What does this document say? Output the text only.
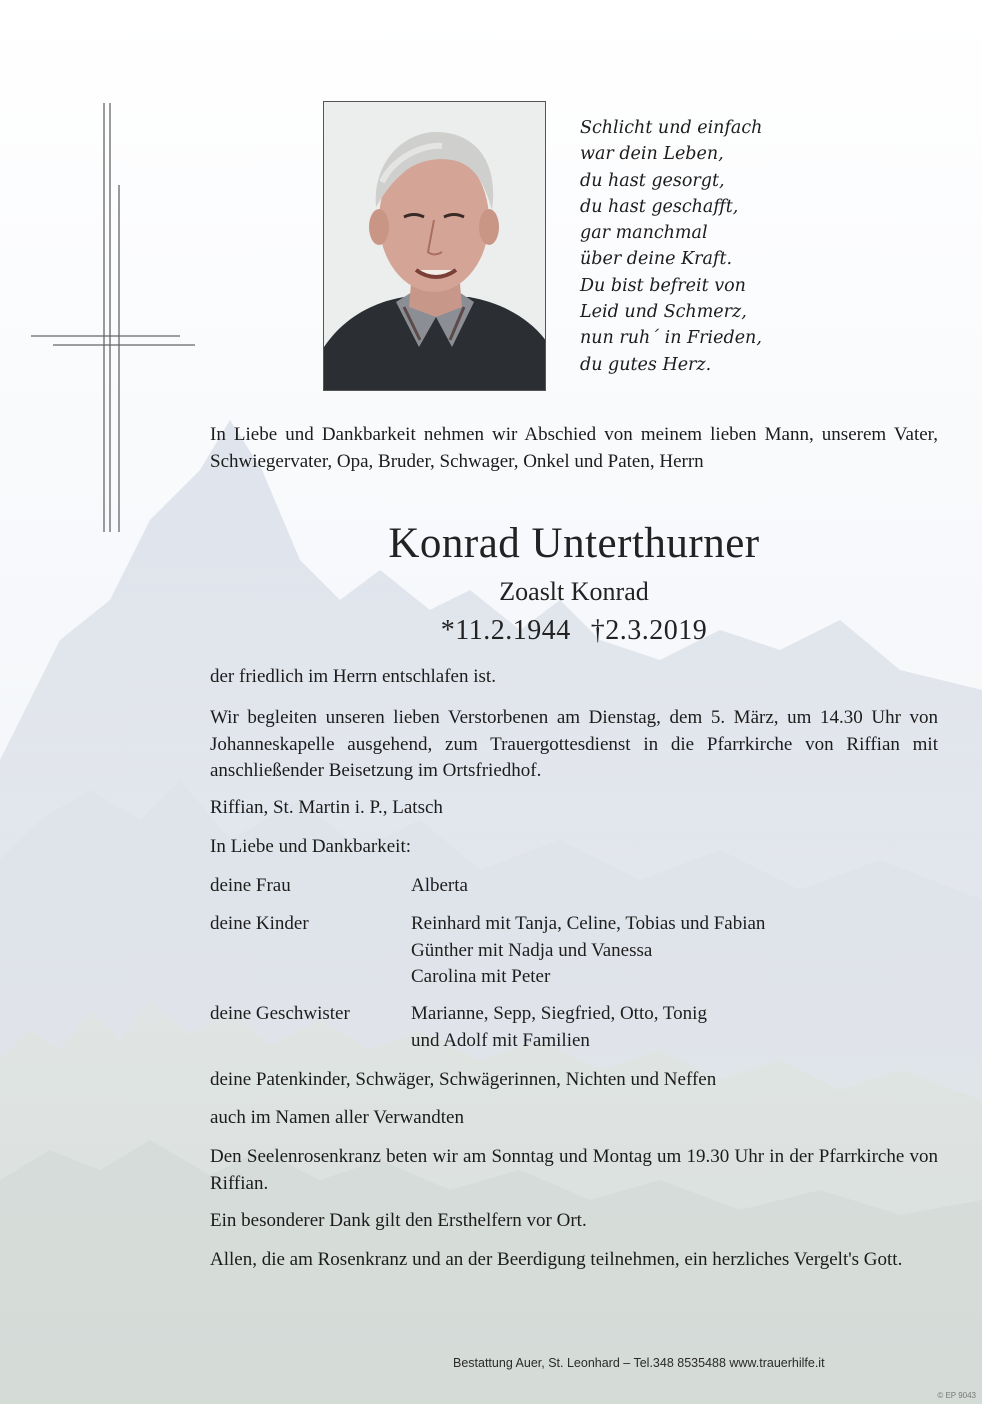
Schlicht und einfach
war dein Leben,
du hast gesorgt,
du hast geschafft,
gar manchmal
über deine Kraft.
Du bist befreit von
Leid und Schmerz,
nun ruh´ in Frieden,
du gutes Herz.
In Liebe und Dankbarkeit nehmen wir Abschied von meinem lieben Mann, unserem Vater, Schwiegervater, Opa, Bruder, Schwager, Onkel und Paten, Herrn
Konrad Unterthurner
Zoaslt Konrad
*11.2.1944 †2.3.2019
der friedlich im Herrn entschlafen ist.
Wir begleiten unseren lieben Verstorbenen am Dienstag, dem 5. März, um 14.30 Uhr von Johanneskapelle ausgehend, zum Trauergottesdienst in die Pfarrkirche von Riffian mit anschließender Beisetzung im Ortsfriedhof.
Riffian, St. Martin i. P., Latsch
In Liebe und Dankbarkeit:
deine Frau	Alberta
deine Kinder	Reinhard mit Tanja, Celine, Tobias und Fabian
Günther mit Nadja und Vanessa
Carolina mit Peter
deine Geschwister	Marianne, Sepp, Siegfried, Otto, Tonig
und Adolf mit Familien
deine Patenkinder, Schwäger, Schwägerinnen, Nichten und Neffen
auch im Namen aller Verwandten
Den Seelenrosenkranz beten wir am Sonntag und Montag um 19.30 Uhr in der Pfarrkirche von Riffian.
Ein besonderer Dank gilt den Ersthelfern vor Ort.
Allen, die am Rosenkranz und an der Beerdigung teilnehmen, ein herzliches Vergelt's Gott.
Bestattung Auer, St. Leonhard – Tel.348 8535488 www.trauerhilfe.it
© EP 9043
